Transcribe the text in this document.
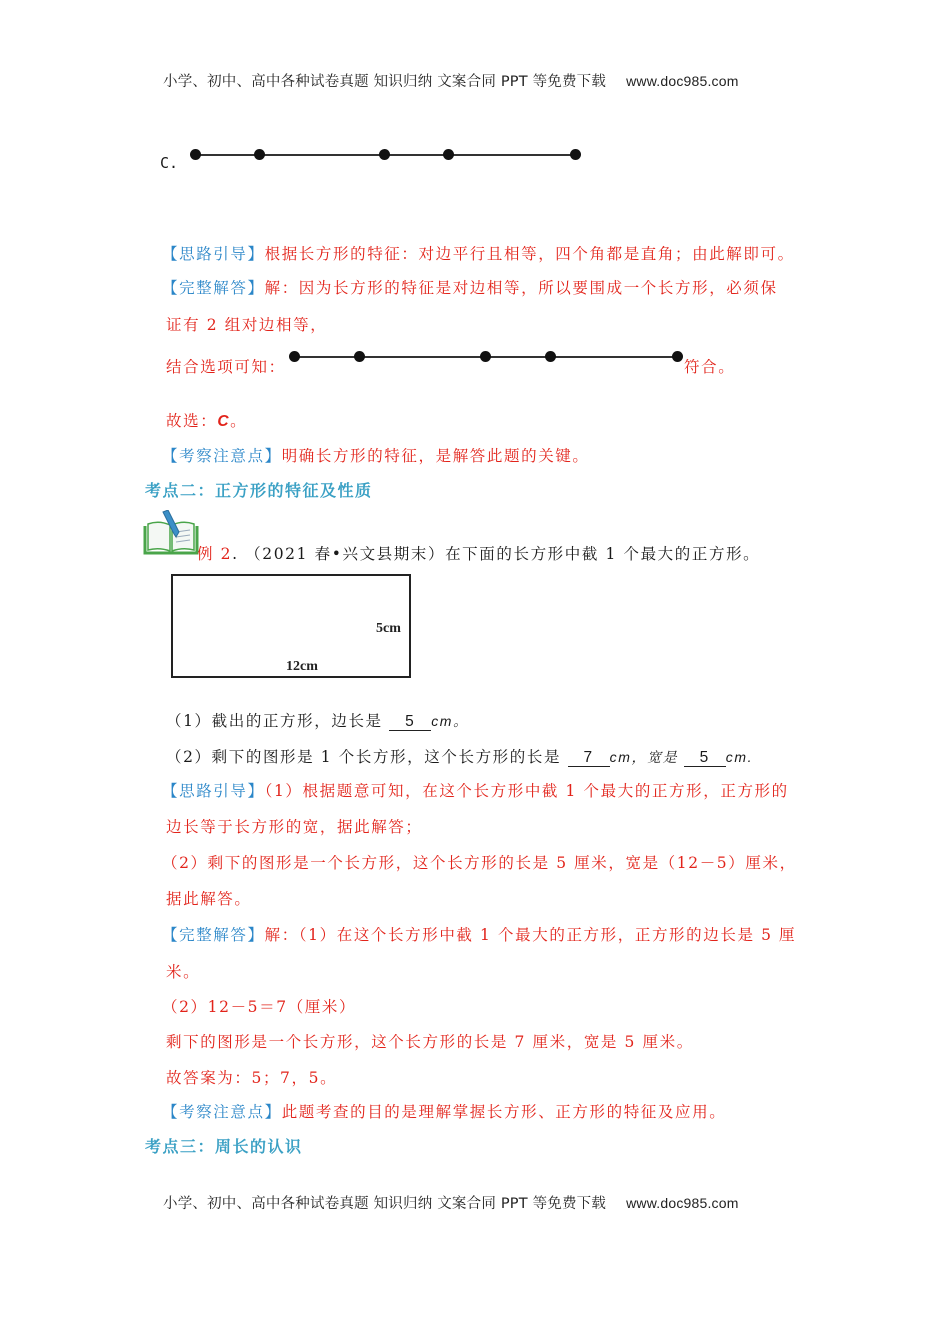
小学、初中、高中各种试卷真题 知识归纳 文案合同 PPT 等免费下载 www.doc985.com
C.
【思路引导】根据长方形的特征：对边平行且相等，四个角都是直角；由此解即可。
【完整解答】解：因为长方形的特征是对边相等，所以要围成一个长方形，必须保
证有 2 组对边相等，
结合选项可知：	符合。
故选：C。
【考察注意点】明确长方形的特征，是解答此题的关键。
考点二：正方形的特征及性质
例 2. （2021 春•兴文县期末）在下面的长方形中截 1 个最大的正方形。
5cm
12cm
（1）截出的正方形，边长是 5 cm。
（2）剩下的图形是 1 个长方形，这个长方形的长是 7 cm，宽是 5 cm.
【思路引导】（1）根据题意可知，在这个长方形中截 1 个最大的正方形，正方形的
边长等于长方形的宽，据此解答；
（2）剩下的图形是一个长方形，这个长方形的长是 5 厘米，宽是（12－5）厘米，
据此解答。
【完整解答】解：（1）在这个长方形中截 1 个最大的正方形，正方形的边长是 5 厘
米。
（2）12－5＝7（厘米）
剩下的图形是一个长方形，这个长方形的长是 7 厘米，宽是 5 厘米。
故答案为：5；7，5。
【考察注意点】此题考查的目的是理解掌握长方形、正方形的特征及应用。
考点三：周长的认识
小学、初中、高中各种试卷真题 知识归纳 文案合同 PPT 等免费下载 www.doc985.com
